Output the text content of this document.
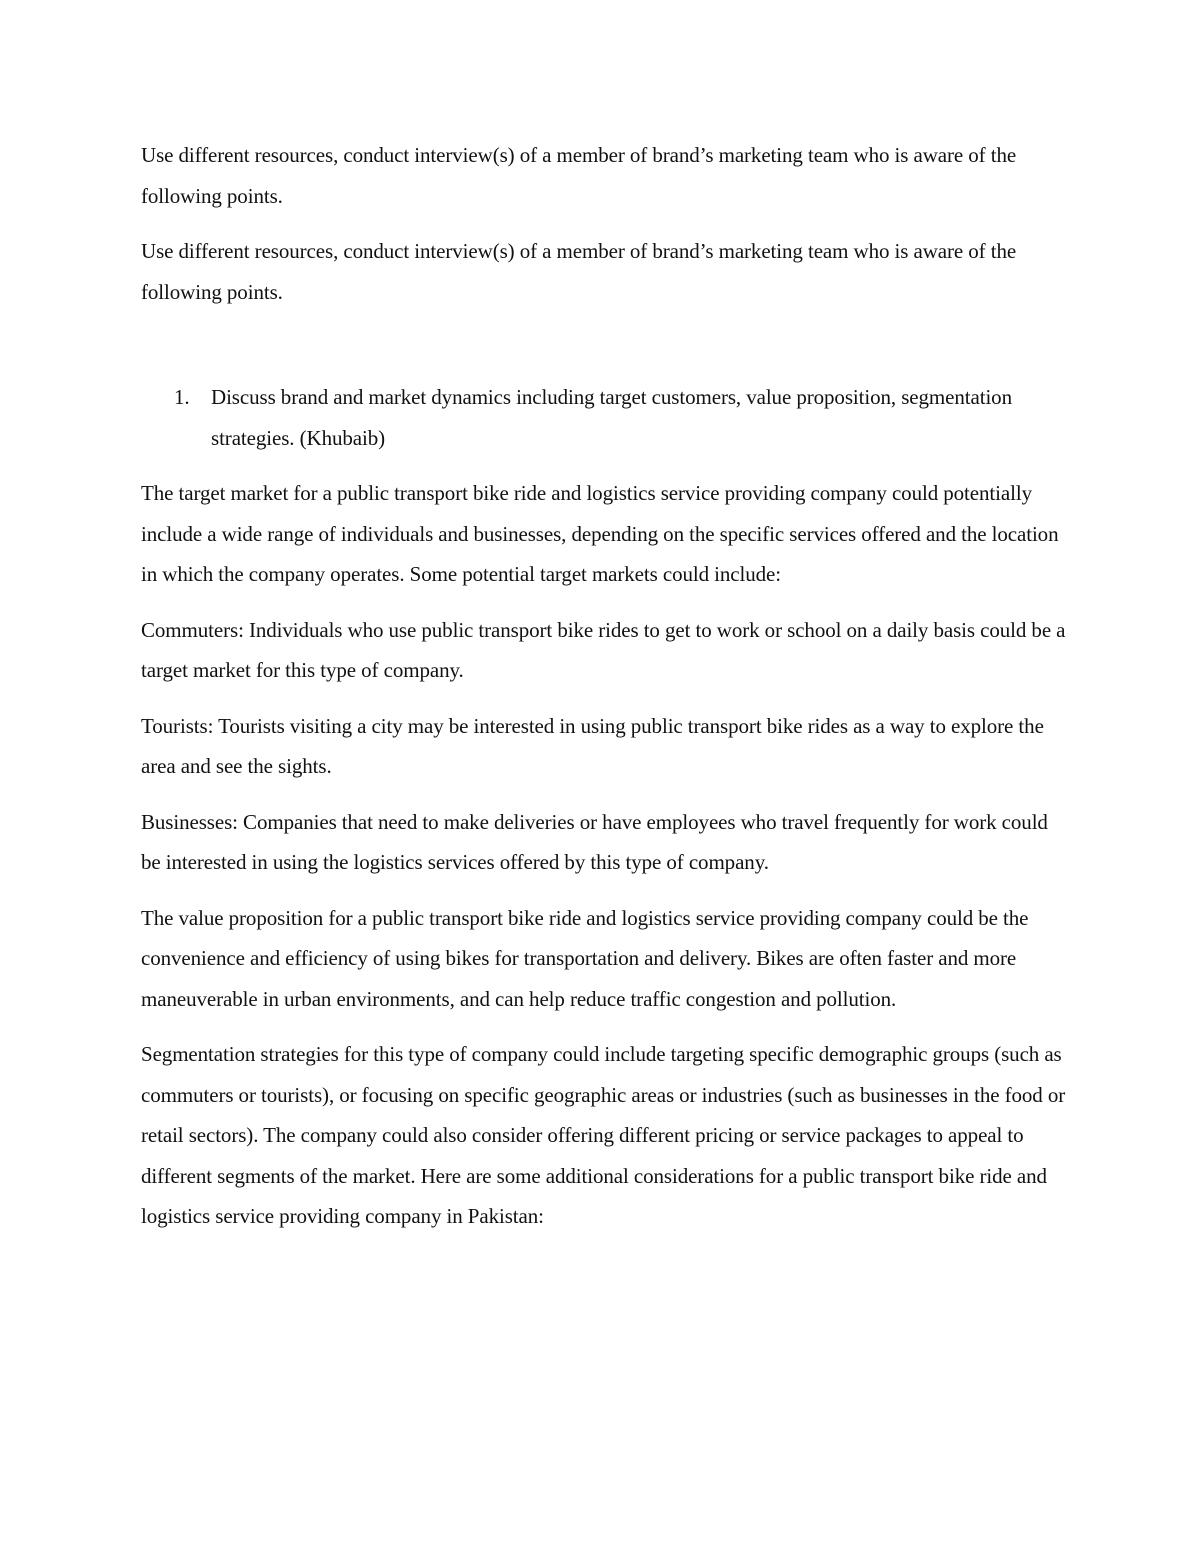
Use different resources, conduct interview(s) of a member of brand’s marketing team who is aware of the following points.

Use different resources, conduct interview(s) of a member of brand’s marketing team who is aware of the following points.

1. Discuss brand and market dynamics including target customers, value proposition, segmentation strategies. (Khubaib)

The target market for a public transport bike ride and logistics service providing company could potentially include a wide range of individuals and businesses, depending on the specific services offered and the location in which the company operates. Some potential target markets could include:

Commuters: Individuals who use public transport bike rides to get to work or school on a daily basis could be a target market for this type of company.

Tourists: Tourists visiting a city may be interested in using public transport bike rides as a way to explore the area and see the sights.

Businesses: Companies that need to make deliveries or have employees who travel frequently for work could be interested in using the logistics services offered by this type of company.

The value proposition for a public transport bike ride and logistics service providing company could be the convenience and efficiency of using bikes for transportation and delivery. Bikes are often faster and more maneuverable in urban environments, and can help reduce traffic congestion and pollution.

Segmentation strategies for this type of company could include targeting specific demographic groups (such as commuters or tourists), or focusing on specific geographic areas or industries (such as businesses in the food or retail sectors). The company could also consider offering different pricing or service packages to appeal to different segments of the market. Here are some additional considerations for a public transport bike ride and logistics service providing company in Pakistan:
